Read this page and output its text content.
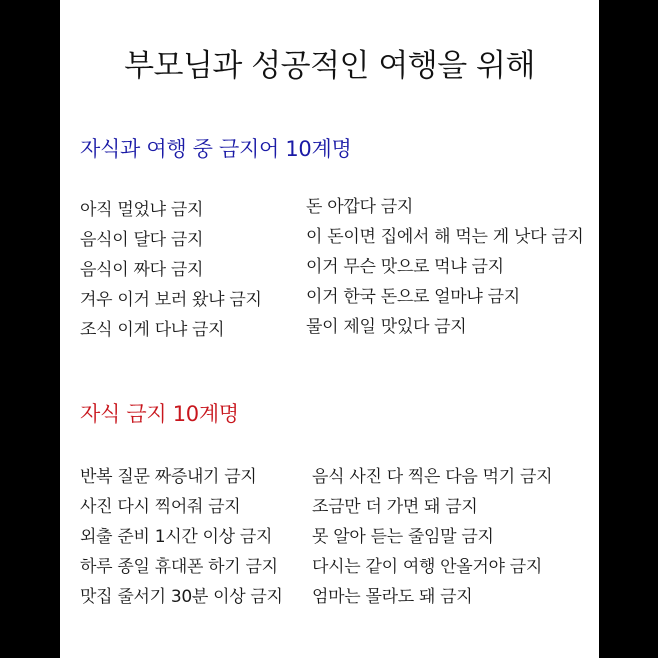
부모님과 성공적인 여행을 위해
자식과 여행 중 금지어 10계명
아직 멀었냐 금지
음식이 달다 금지
음식이 짜다 금지
겨우 이거 보러 왔냐 금지
조식 이게 다냐 금지
돈 아깝다 금지
이 돈이면 집에서 해 먹는 게 낫다 금지
이거 무슨 맛으로 먹냐 금지
이거 한국 돈으로 얼마냐 금지
물이 제일 맛있다 금지
자식 금지 10계명
반복 질문 짜증내기 금지
사진 다시 찍어줘 금지
외출 준비 1시간 이상 금지
하루 종일 휴대폰 하기 금지
맛집 줄서기 30분 이상 금지
음식 사진 다 찍은 다음 먹기 금지
조금만 더 가면 돼 금지
못 알아 듣는 줄임말 금지
다시는 같이 여행 안올거야 금지
엄마는 몰라도 돼 금지
